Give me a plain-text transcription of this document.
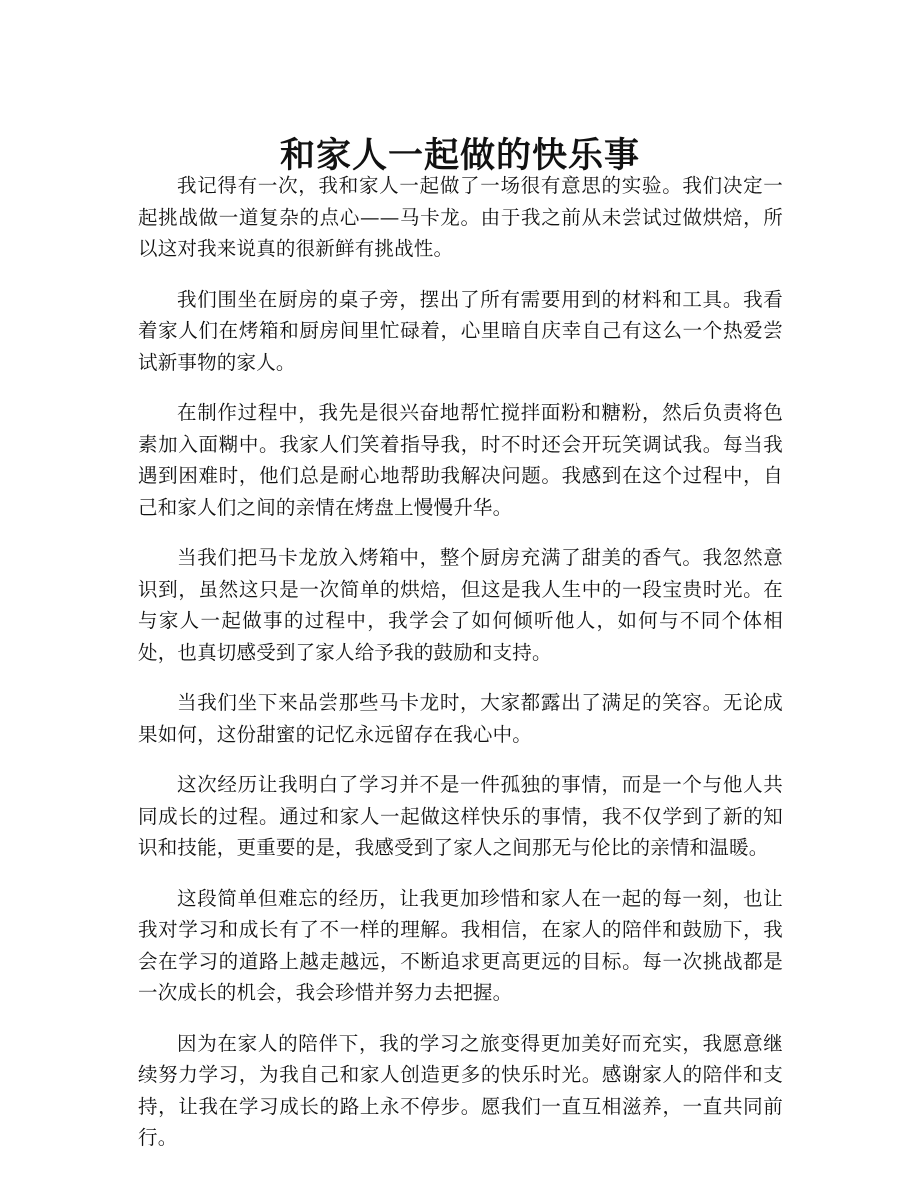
和家人一起做的快乐事

我记得有一次，我和家人一起做了一场很有意思的实验。我们决定一起挑战做一道复杂的点心——马卡龙。由于我之前从未尝试过做烘焙，所以这对我来说真的很新鲜有挑战性。

我们围坐在厨房的桌子旁，摆出了所有需要用到的材料和工具。我看着家人们在烤箱和厨房间里忙碌着，心里暗自庆幸自己有这么一个热爱尝试新事物的家人。

在制作过程中，我先是很兴奋地帮忙搅拌面粉和糖粉，然后负责将色素加入面糊中。我家人们笑着指导我，时不时还会开玩笑调试我。每当我遇到困难时，他们总是耐心地帮助我解决问题。我感到在这个过程中，自己和家人们之间的亲情在烤盘上慢慢升华。

当我们把马卡龙放入烤箱中，整个厨房充满了甜美的香气。我忽然意识到，虽然这只是一次简单的烘焙，但这是我人生中的一段宝贵时光。在与家人一起做事的过程中，我学会了如何倾听他人，如何与不同个体相处，也真切感受到了家人给予我的鼓励和支持。

当我们坐下来品尝那些马卡龙时，大家都露出了满足的笑容。无论成果如何，这份甜蜜的记忆永远留存在我心中。

这次经历让我明白了学习并不是一件孤独的事情，而是一个与他人共同成长的过程。通过和家人一起做这样快乐的事情，我不仅学到了新的知识和技能，更重要的是，我感受到了家人之间那无与伦比的亲情和温暖。

这段简单但难忘的经历，让我更加珍惜和家人在一起的每一刻，也让我对学习和成长有了不一样的理解。我相信，在家人的陪伴和鼓励下，我会在学习的道路上越走越远，不断追求更高更远的目标。每一次挑战都是一次成长的机会，我会珍惜并努力去把握。

因为在家人的陪伴下，我的学习之旅变得更加美好而充实，我愿意继续努力学习，为我自己和家人创造更多的快乐时光。感谢家人的陪伴和支持，让我在学习成长的路上永不停步。愿我们一直互相滋养，一直共同前行。
